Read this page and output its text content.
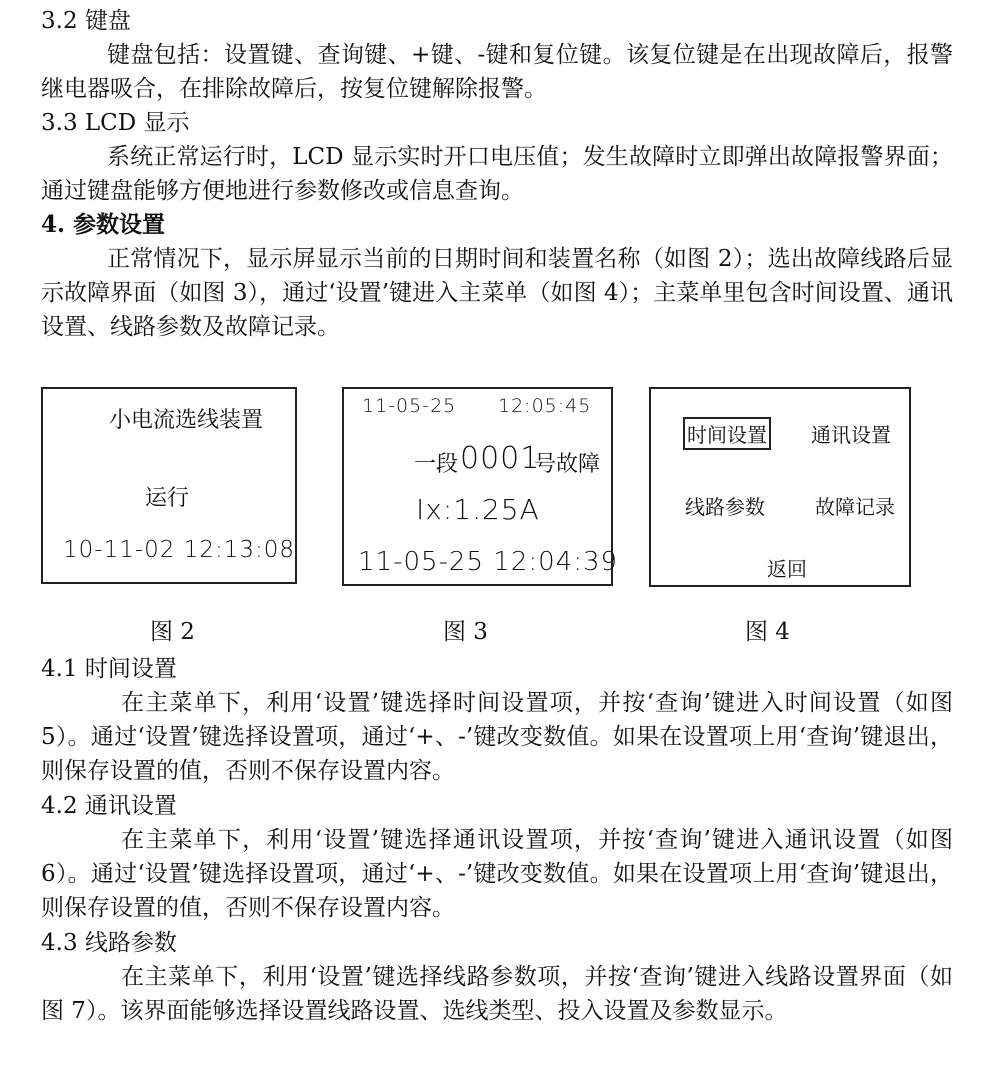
3.2 键盘
键盘包括：设置键、查询键、+键、-键和复位键。该复位键是在出现故障后，报警继电器吸合，在排除故障后，按复位键解除报警。
3.3 LCD 显示
系统正常运行时，LCD 显示实时开口电压值；发生故障时立即弹出故障报警界面；通过键盘能够方便地进行参数修改或信息查询。
4. 参数设置
正常情况下，显示屏显示当前的日期时间和装置名称（如图 2）；选出故障线路后显示故障界面（如图 3），通过‘设置’键进入主菜单（如图 4）；主菜单里包含时间设置、通讯设置、线路参数及故障记录。
小电流选线装置
运行
10-11-02 12:13:08
图 2
11-05-25 12:05:45
一段 0001
号故障
Ix:1.25A
11-05-25 12:04:39
图 3
时间设置 通讯设置
线路参数	故障记录
返回
图 4
4.1 时间设置
在主菜单下，利用‘设置’键选择时间设置项，并按‘查询’键进入时间设置（如图 5）。通过‘设置’键选择设置项，通过‘+、-’键改变数值。如果在设置项上用‘查询’键退出，则保存设置的值，否则不保存设置内容。
4.2 通讯设置
在主菜单下，利用‘设置’键选择通讯设置项，并按‘查询’键进入通讯设置（如图 6）。通过‘设置’键选择设置项，通过‘+、-’键改变数值。如果在设置项上用‘查询’键退出，则保存设置的值，否则不保存设置内容。
4.3 线路参数
在主菜单下，利用‘设置’键选择线路参数项，并按‘查询’键进入线路设置界面（如图 7）。该界面能够选择设置线路设置、选线类型、投入设置及参数显示。
